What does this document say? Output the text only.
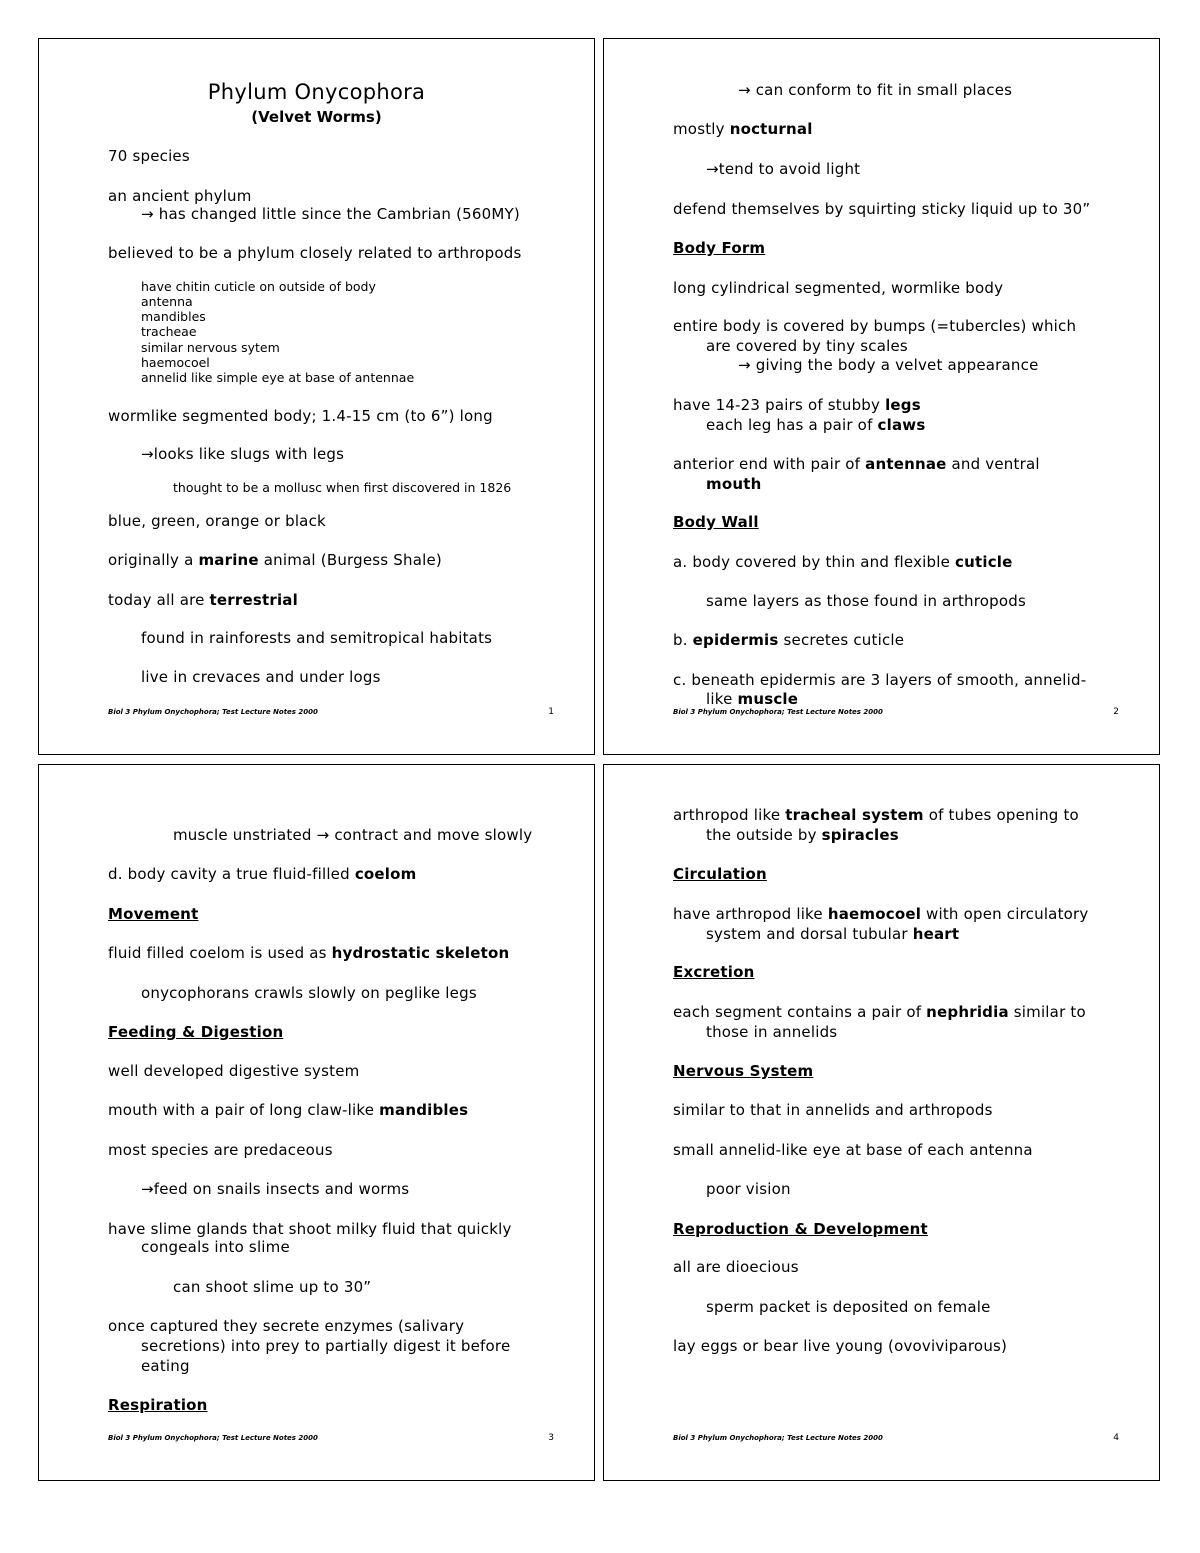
Phylum Onycophora
(Velvet Worms)
70 species
an ancient phylum
→ has changed little since the Cambrian (560MY)
believed to be a phylum closely related to arthropods
have chitin cuticle on outside of body
antenna
mandibles
tracheae
similar nervous sytem
haemocoel
annelid like simple eye at base of antennae
wormlike segmented body; 1.4-15 cm (to 6”) long
→looks like slugs with legs
thought to be a mollusc when first discovered in 1826
blue, green, orange or black
originally a marine animal (Burgess Shale)
today all are terrestrial
found in rainforests and semitropical habitats
live in crevaces and under logs
Biol 3 Phylum Onychophora; Test Lecture Notes 2000	1
→ can conform to fit in small places
mostly nocturnal
→tend to avoid light
defend themselves by squirting sticky liquid up to 30”
Body Form
long cylindrical segmented, wormlike body
entire body is covered by bumps (=tubercles) which
are covered by tiny scales
→ giving the body a velvet appearance
have 14-23 pairs of stubby legs
each leg has a pair of claws
anterior end with pair of antennae and ventral
mouth
Body Wall
a. body covered by thin and flexible cuticle
same layers as those found in arthropods
b. epidermis secretes cuticle
c. beneath epidermis are 3 layers of smooth, annelid-
like muscle
Biol 3 Phylum Onychophora; Test Lecture Notes 2000	2
muscle unstriated → contract and move slowly
d. body cavity a true fluid-filled coelom
Movement
fluid filled coelom is used as hydrostatic skeleton
onycophorans crawls slowly on peglike legs
Feeding & Digestion
well developed digestive system
mouth with a pair of long claw-like mandibles
most species are predaceous
→feed on snails insects and worms
have slime glands that shoot milky fluid that quickly
congeals into slime
can shoot slime up to 30”
once captured they secrete enzymes (salivary
secretions) into prey to partially digest it before
eating
Respiration
Biol 3 Phylum Onychophora; Test Lecture Notes 2000	3
arthropod like tracheal system of tubes opening to
the outside by spiracles
Circulation
have arthropod like haemocoel with open circulatory
system and dorsal tubular heart
Excretion
each segment contains a pair of nephridia similar to
those in annelids
Nervous System
similar to that in annelids and arthropods
small annelid-like eye at base of each antenna
poor vision
Reproduction & Development
all are dioecious
sperm packet is deposited on female
lay eggs or bear live young (ovoviviparous)
Biol 3 Phylum Onychophora; Test Lecture Notes 2000	4
